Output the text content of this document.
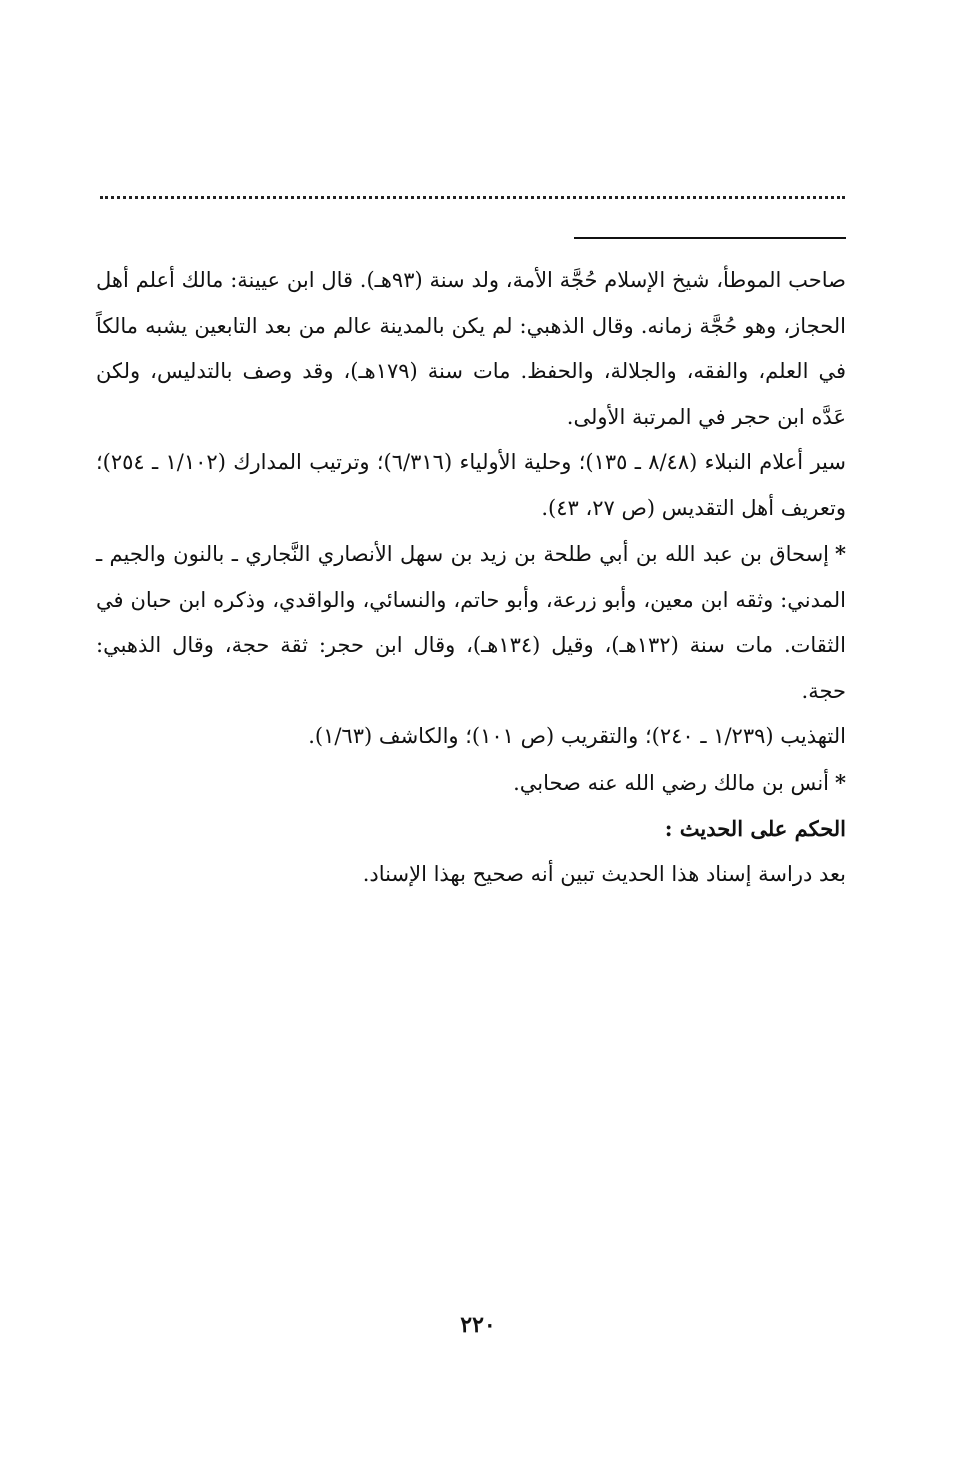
صاحب الموطأ، شيخ الإسلام حُجَّة الأمة، ولد سنة (٩٣هـ). قال ابن عيينة: مالك أعلم أهل الحجاز، وهو حُجَّة زمانه. وقال الذهبي: لم يكن بالمدينة عالم من بعد التابعين يشبه مالكاً في العلم، والفقه، والجلالة، والحفظ. مات سنة (١٧٩هـ)، وقد وصف بالتدليس، ولكن عَدَّه ابن حجر في المرتبة الأولى.

سير أعلام النبلاء (٨/٤٨ ـ ١٣٥)؛ وحلية الأولياء (٦/٣١٦)؛ وترتيب المدارك (١/١٠٢ ـ ٢٥٤)؛ وتعريف أهل التقديس (ص ٢٧، ٤٣).

*إسحاق بن عبد الله بن أبي طلحة بن زيد بن سهل الأنصاري النَّجاري ـ بالنون والجيم ـ المدني: وثقه ابن معين، وأبو زرعة، وأبو حاتم، والنسائي، والواقدي، وذكره ابن حبان في الثقات. مات سنة (١٣٢هـ)، وقيل (١٣٤هـ)، وقال ابن حجر: ثقة حجة، وقال الذهبي: حجة.

التهذيب (١/٢٣٩ ـ ٢٤٠)؛ والتقريب (ص ١٠١)؛ والكاشف (١/٦٣).

*أنس بن مالك رضي الله عنه صحابي.

الحكم على الحديث :

بعد دراسة إسناد هذا الحديث تبين أنه صحيح بهذا الإسناد.

٢٢٠
